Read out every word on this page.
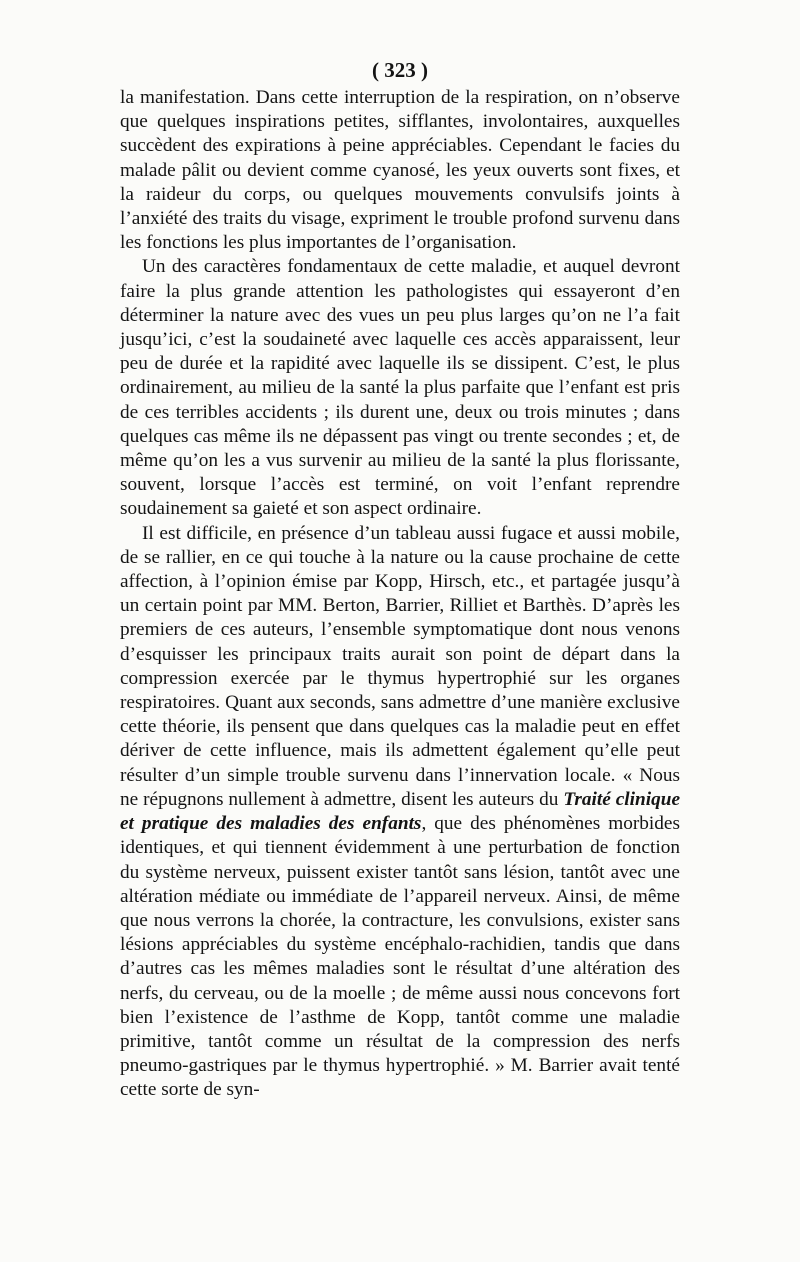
( 323 )

la manifestation. Dans cette interruption de la respiration, on n’observe que quelques inspirations petites, sifflantes, involontaires, auxquelles succèdent des expirations à peine appréciables. Cependant le facies du malade pâlit ou devient comme cyanosé, les yeux ouverts sont fixes, et la raideur du corps, ou quelques mouvements convulsifs joints à l’anxiété des traits du visage, expriment le trouble profond survenu dans les fonctions les plus importantes de l’organisation.

Un des caractères fondamentaux de cette maladie, et auquel devront faire la plus grande attention les pathologistes qui essayeront d’en déterminer la nature avec des vues un peu plus larges qu’on ne l’a fait jusqu’ici, c’est la soudaineté avec laquelle ces accès apparaissent, leur peu de durée et la rapidité avec laquelle ils se dissipent. C’est, le plus ordinairement, au milieu de la santé la plus parfaite que l’enfant est pris de ces terribles accidents ; ils durent une, deux ou trois minutes ; dans quelques cas même ils ne dépassent pas vingt ou trente secondes ; et, de même qu’on les a vus survenir au milieu de la santé la plus florissante, souvent, lorsque l’accès est terminé, on voit l’enfant reprendre soudainement sa gaieté et son aspect ordinaire.

Il est difficile, en présence d’un tableau aussi fugace et aussi mobile, de se rallier, en ce qui touche à la nature ou la cause prochaine de cette affection, à l’opinion émise par Kopp, Hirsch, etc., et partagée jusqu’à un certain point par MM. Berton, Barrier, Rilliet et Barthès. D’après les premiers de ces auteurs, l’ensemble symptomatique dont nous venons d’esquisser les principaux traits aurait son point de départ dans la compression exercée par le thymus hypertrophié sur les organes respiratoires. Quant aux seconds, sans admettre d’une manière exclusive cette théorie, ils pensent que dans quelques cas la maladie peut en effet dériver de cette influence, mais ils admettent également qu’elle peut résulter d’un simple trouble survenu dans l’innervation locale. « Nous ne répugnons nullement à admettre, disent les auteurs du Traité clinique et pratique des maladies des enfants, que des phénomènes morbides identiques, et qui tiennent évidemment à une perturbation de fonction du système nerveux, puissent exister tantôt sans lésion, tantôt avec une altération médiate ou immédiate de l’appareil nerveux. Ainsi, de même que nous verrons la chorée, la contracture, les convulsions, exister sans lésions appréciables du système encéphalo-rachidien, tandis que dans d’autres cas les mêmes maladies sont le résultat d’une altération des nerfs, du cerveau, ou de la moelle ; de même aussi nous concevons fort bien l’existence de l’asthme de Kopp, tantôt comme une maladie primitive, tantôt comme un résultat de la compression des nerfs pneumo-gastriques par le thymus hypertrophié. » M. Barrier avait tenté cette sorte de syn-
